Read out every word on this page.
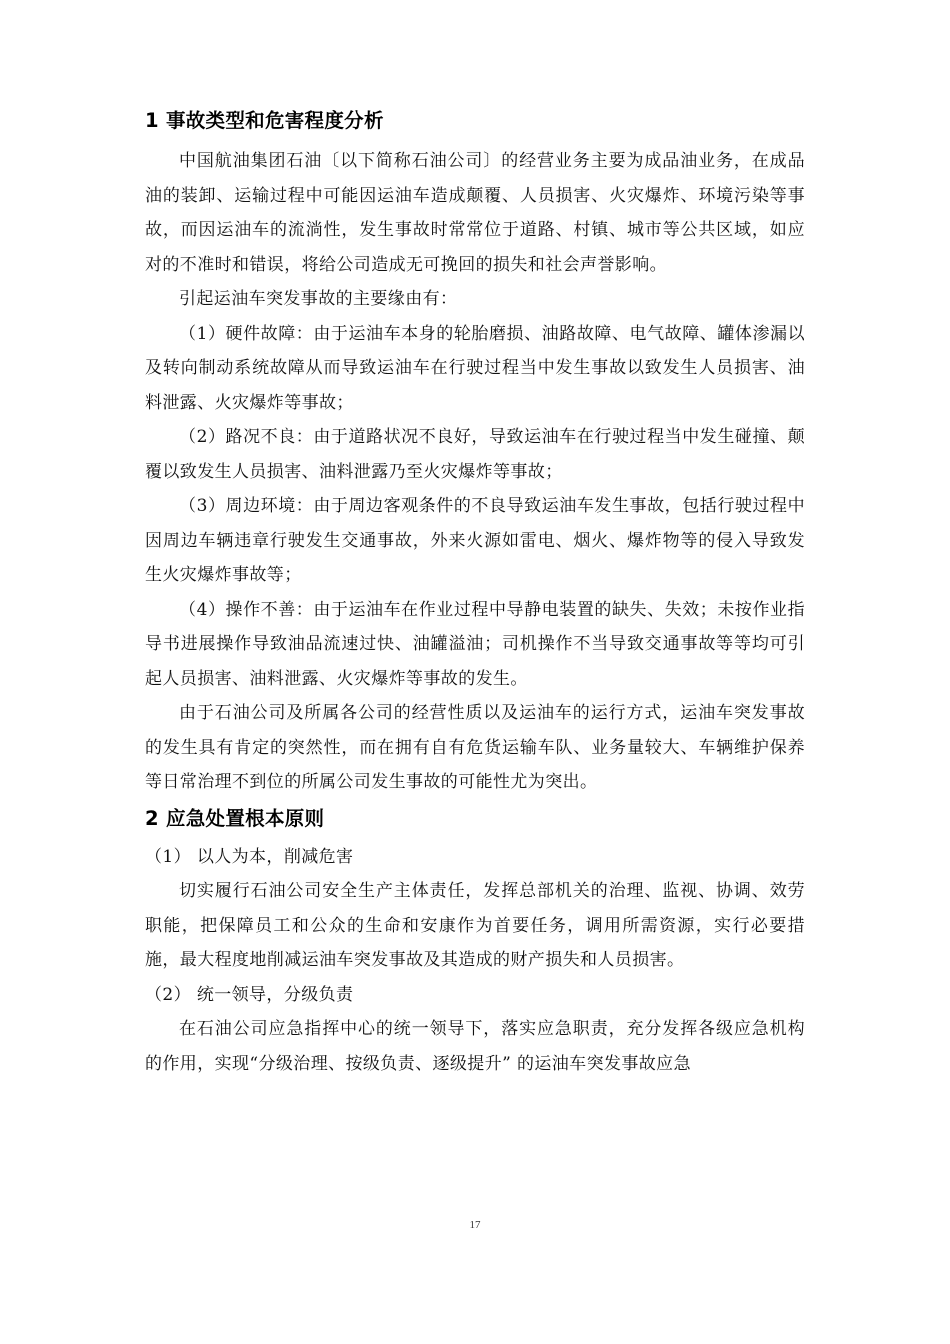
1 事故类型和危害程度分析

中国航油集团石油〔以下简称石油公司〕的经营业务主要为成品油业务，在成品油的装卸、运输过程中可能因运油车造成颠覆、人员损害、火灾爆炸、环境污染等事故，而因运油车的流淌性，发生事故时常常位于道路、村镇、城市等公共区域，如应对的不准时和错误，将给公司造成无可挽回的损失和社会声誉影响。

引起运油车突发事故的主要缘由有：

（1）硬件故障：由于运油车本身的轮胎磨损、油路故障、电气故障、罐体渗漏以及转向制动系统故障从而导致运油车在行驶过程当中发生事故以致发生人员损害、油料泄露、火灾爆炸等事故；

（2）路况不良：由于道路状况不良好，导致运油车在行驶过程当中发生碰撞、颠覆以致发生人员损害、油料泄露乃至火灾爆炸等事故；

（3）周边环境：由于周边客观条件的不良导致运油车发生事故，包括行驶过程中因周边车辆违章行驶发生交通事故，外来火源如雷电、烟火、爆炸物等的侵入导致发生火灾爆炸事故等；

（4）操作不善：由于运油车在作业过程中导静电装置的缺失、失效；未按作业指导书进展操作导致油品流速过快、油罐溢油；司机操作不当导致交通事故等等均可引起人员损害、油料泄露、火灾爆炸等事故的发生。

由于石油公司及所属各公司的经营性质以及运油车的运行方式，运油车突发事故的发生具有肯定的突然性，而在拥有自有危货运输车队、业务量较大、车辆维护保养等日常治理不到位的所属公司发生事故的可能性尤为突出。

2 应急处置根本原则

（1） 以人为本，削减危害

切实履行石油公司安全生产主体责任，发挥总部机关的治理、监视、协调、效劳职能，把保障员工和公众的生命和安康作为首要任务，调用所需资源，实行必要措施，最大程度地削减运油车突发事故及其造成的财产损失和人员损害。

（2） 统一领导，分级负责

在石油公司应急指挥中心的统一领导下，落实应急职责，充分发挥各级应急机构的作用，实现“分级治理、按级负责、逐级提升” 的运油车突发事故应急

17
